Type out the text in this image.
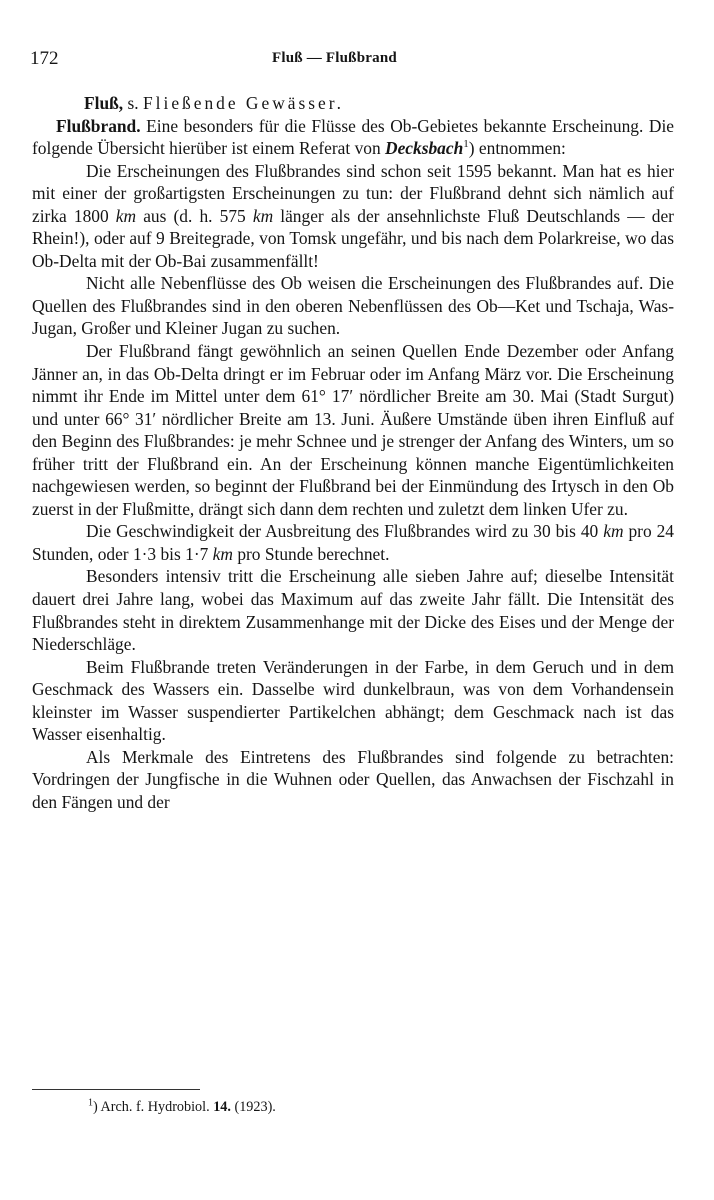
172	Fluß — Flußbrand

Fluß, s. Fließende Gewässer.

Flußbrand. Eine besonders für die Flüsse des Ob-Gebietes bekannte Erscheinung. Die folgende Übersicht hierüber ist einem Referat von Decksbach$^1$) entnommen:

Die Erscheinungen des Flußbrandes sind schon seit 1595 bekannt. Man hat es hier mit einer der großartigsten Erscheinungen zu tun: der Flußbrand dehnt sich nämlich auf zirka 1800 km aus (d. h. 575 km länger als der ansehnlichste Fluß Deutschlands — der Rhein!), oder auf 9 Breitegrade, von Tomsk ungefähr, und bis nach dem Polarkreise, wo das Ob-Delta mit der Ob-Bai zusammenfällt!

Nicht alle Nebenflüsse des Ob weisen die Erscheinungen des Flußbrandes auf. Die Quellen des Flußbrandes sind in den oberen Nebenflüssen des Ob—Ket und Tschaja, Was-Jugan, Großer und Kleiner Jugan zu suchen.

Der Flußbrand fängt gewöhnlich an seinen Quellen Ende Dezember oder Anfang Jänner an, in das Ob-Delta dringt er im Februar oder im Anfang März vor. Die Erscheinung nimmt ihr Ende im Mittel unter dem 61° 17′ nördlicher Breite am 30. Mai (Stadt Surgut) und unter 66° 31′ nördlicher Breite am 13. Juni. Äußere Umstände üben ihren Einfluß auf den Beginn des Flußbrandes: je mehr Schnee und je strenger der Anfang des Winters, um so früher tritt der Flußbrand ein. An der Erscheinung können manche Eigentümlichkeiten nachgewiesen werden, so beginnt der Flußbrand bei der Einmündung des Irtysch in den Ob zuerst in der Flußmitte, drängt sich dann dem rechten und zuletzt dem linken Ufer zu.

Die Geschwindigkeit der Ausbreitung des Flußbrandes wird zu 30 bis 40 km pro 24 Stunden, oder 1·3 bis 1·7 km pro Stunde berechnet.

Besonders intensiv tritt die Erscheinung alle sieben Jahre auf; dieselbe Intensität dauert drei Jahre lang, wobei das Maximum auf das zweite Jahr fällt. Die Intensität des Flußbrandes steht in direktem Zusammenhange mit der Dicke des Eises und der Menge der Niederschläge.

Beim Flußbrande treten Veränderungen in der Farbe, in dem Geruch und in dem Geschmack des Wassers ein. Dasselbe wird dunkelbraun, was von dem Vorhandensein kleinster im Wasser suspendierter Partikelchen abhängt; dem Geschmack nach ist das Wasser eisenhaltig.

Als Merkmale des Eintretens des Flußbrandes sind folgende zu betrachten: Vordringen der Jungfische in die Wuhnen oder Quellen, das Anwachsen der Fischzahl in den Fängen und der

$^1$) Arch. f. Hydrobiol. 14. (1923).
